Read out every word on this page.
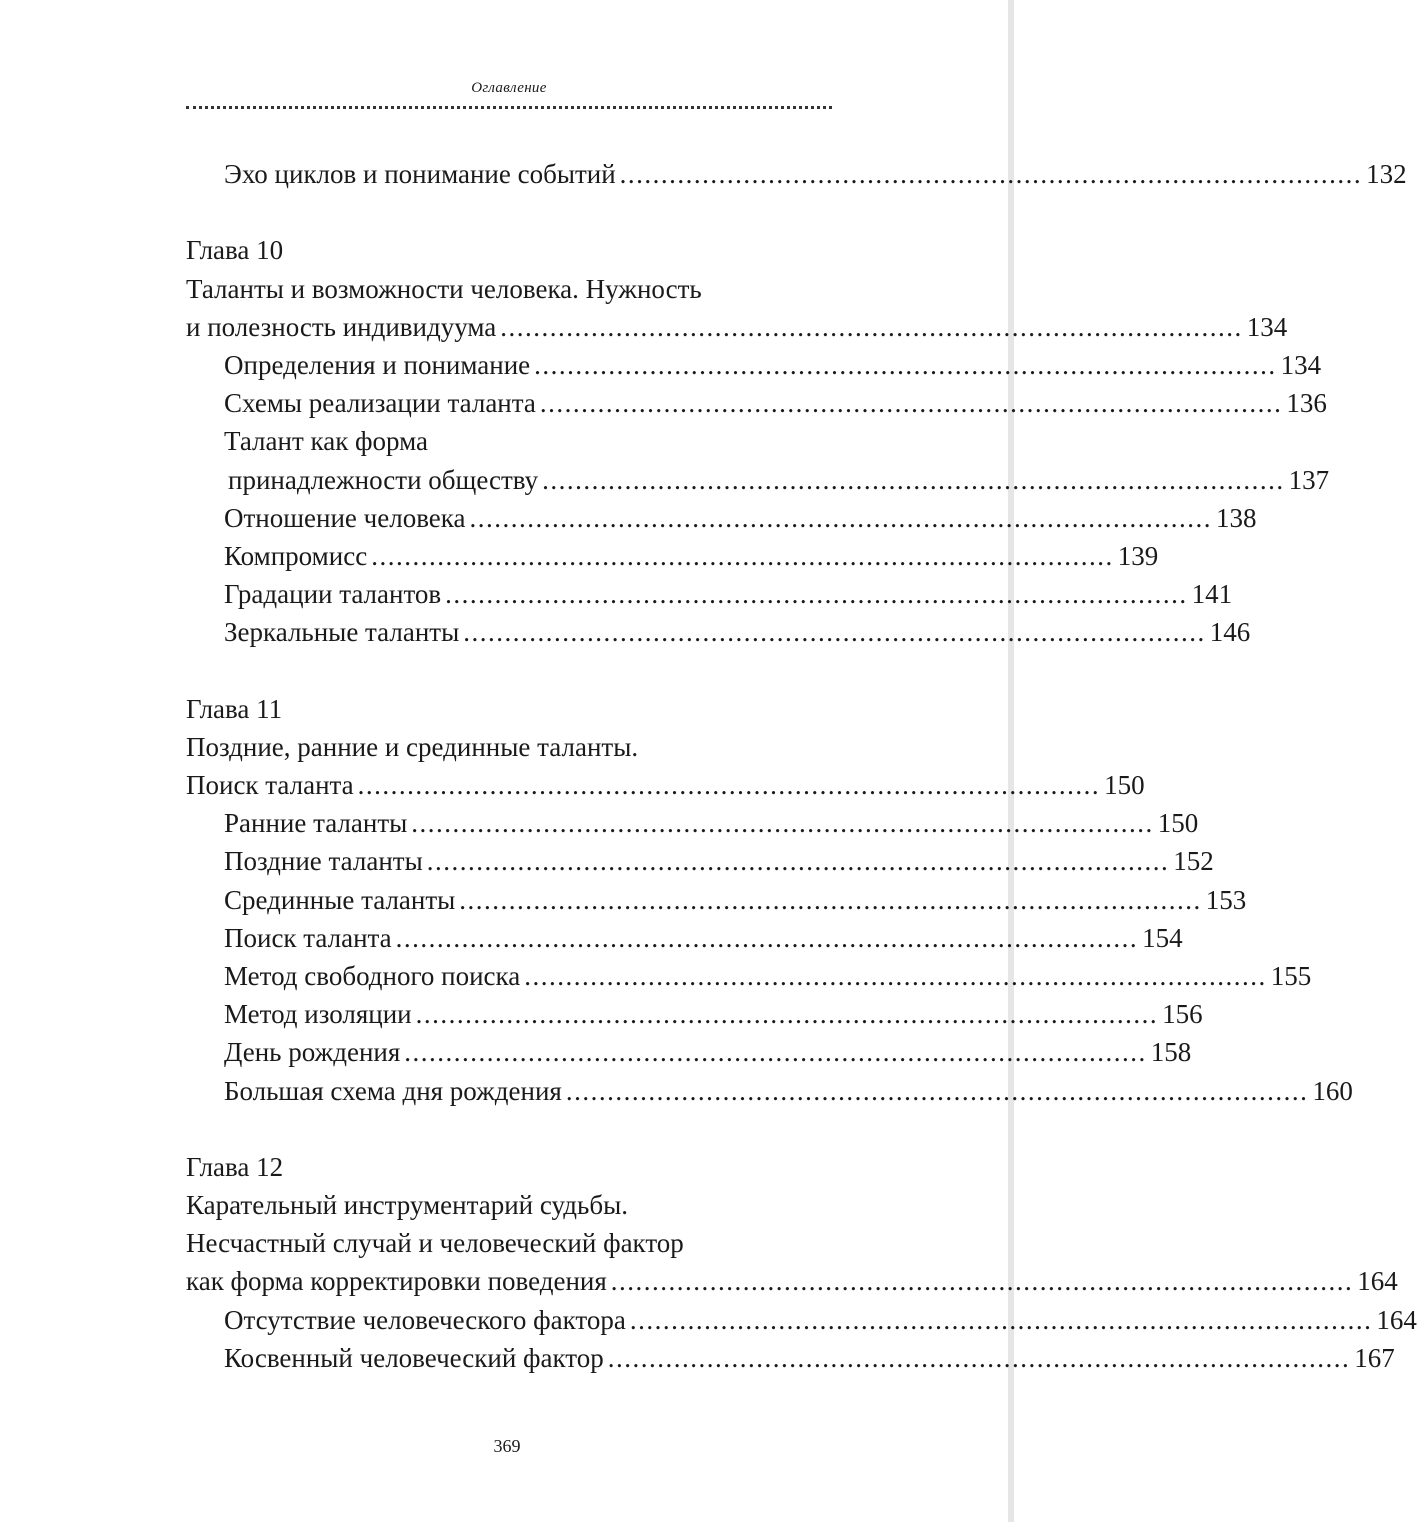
Оглавление
Эхо циклов и понимание событий .......................................................................................... 132
Глава 10
Таланты и возможности человека. Нужность
и полезность индивидуума .......................................................................................... 134
Определения и понимание .......................................................................................... 134
Схемы реализации таланта .......................................................................................... 136
Талант как форма
принадлежности обществу .......................................................................................... 137
Отношение человека .......................................................................................... 138
Компромисс .......................................................................................... 139
Градации талантов .......................................................................................... 141
Зеркальные таланты .......................................................................................... 146
Глава 11
Поздние, ранние и срединные таланты.
Поиск таланта .......................................................................................... 150
Ранние таланты .......................................................................................... 150
Поздние таланты .......................................................................................... 152
Срединные таланты .......................................................................................... 153
Поиск таланта .......................................................................................... 154
Метод свободного поиска .......................................................................................... 155
Метод изоляции .......................................................................................... 156
День рождения .......................................................................................... 158
Большая схема дня рождения .......................................................................................... 160
Глава 12
Карательный инструментарий судьбы.
Несчастный случай и человеческий фактор
как форма корректировки поведения .......................................................................................... 164
Отсутствие человеческого фактора .......................................................................................... 164
Косвенный человеческий фактор .......................................................................................... 167
369
